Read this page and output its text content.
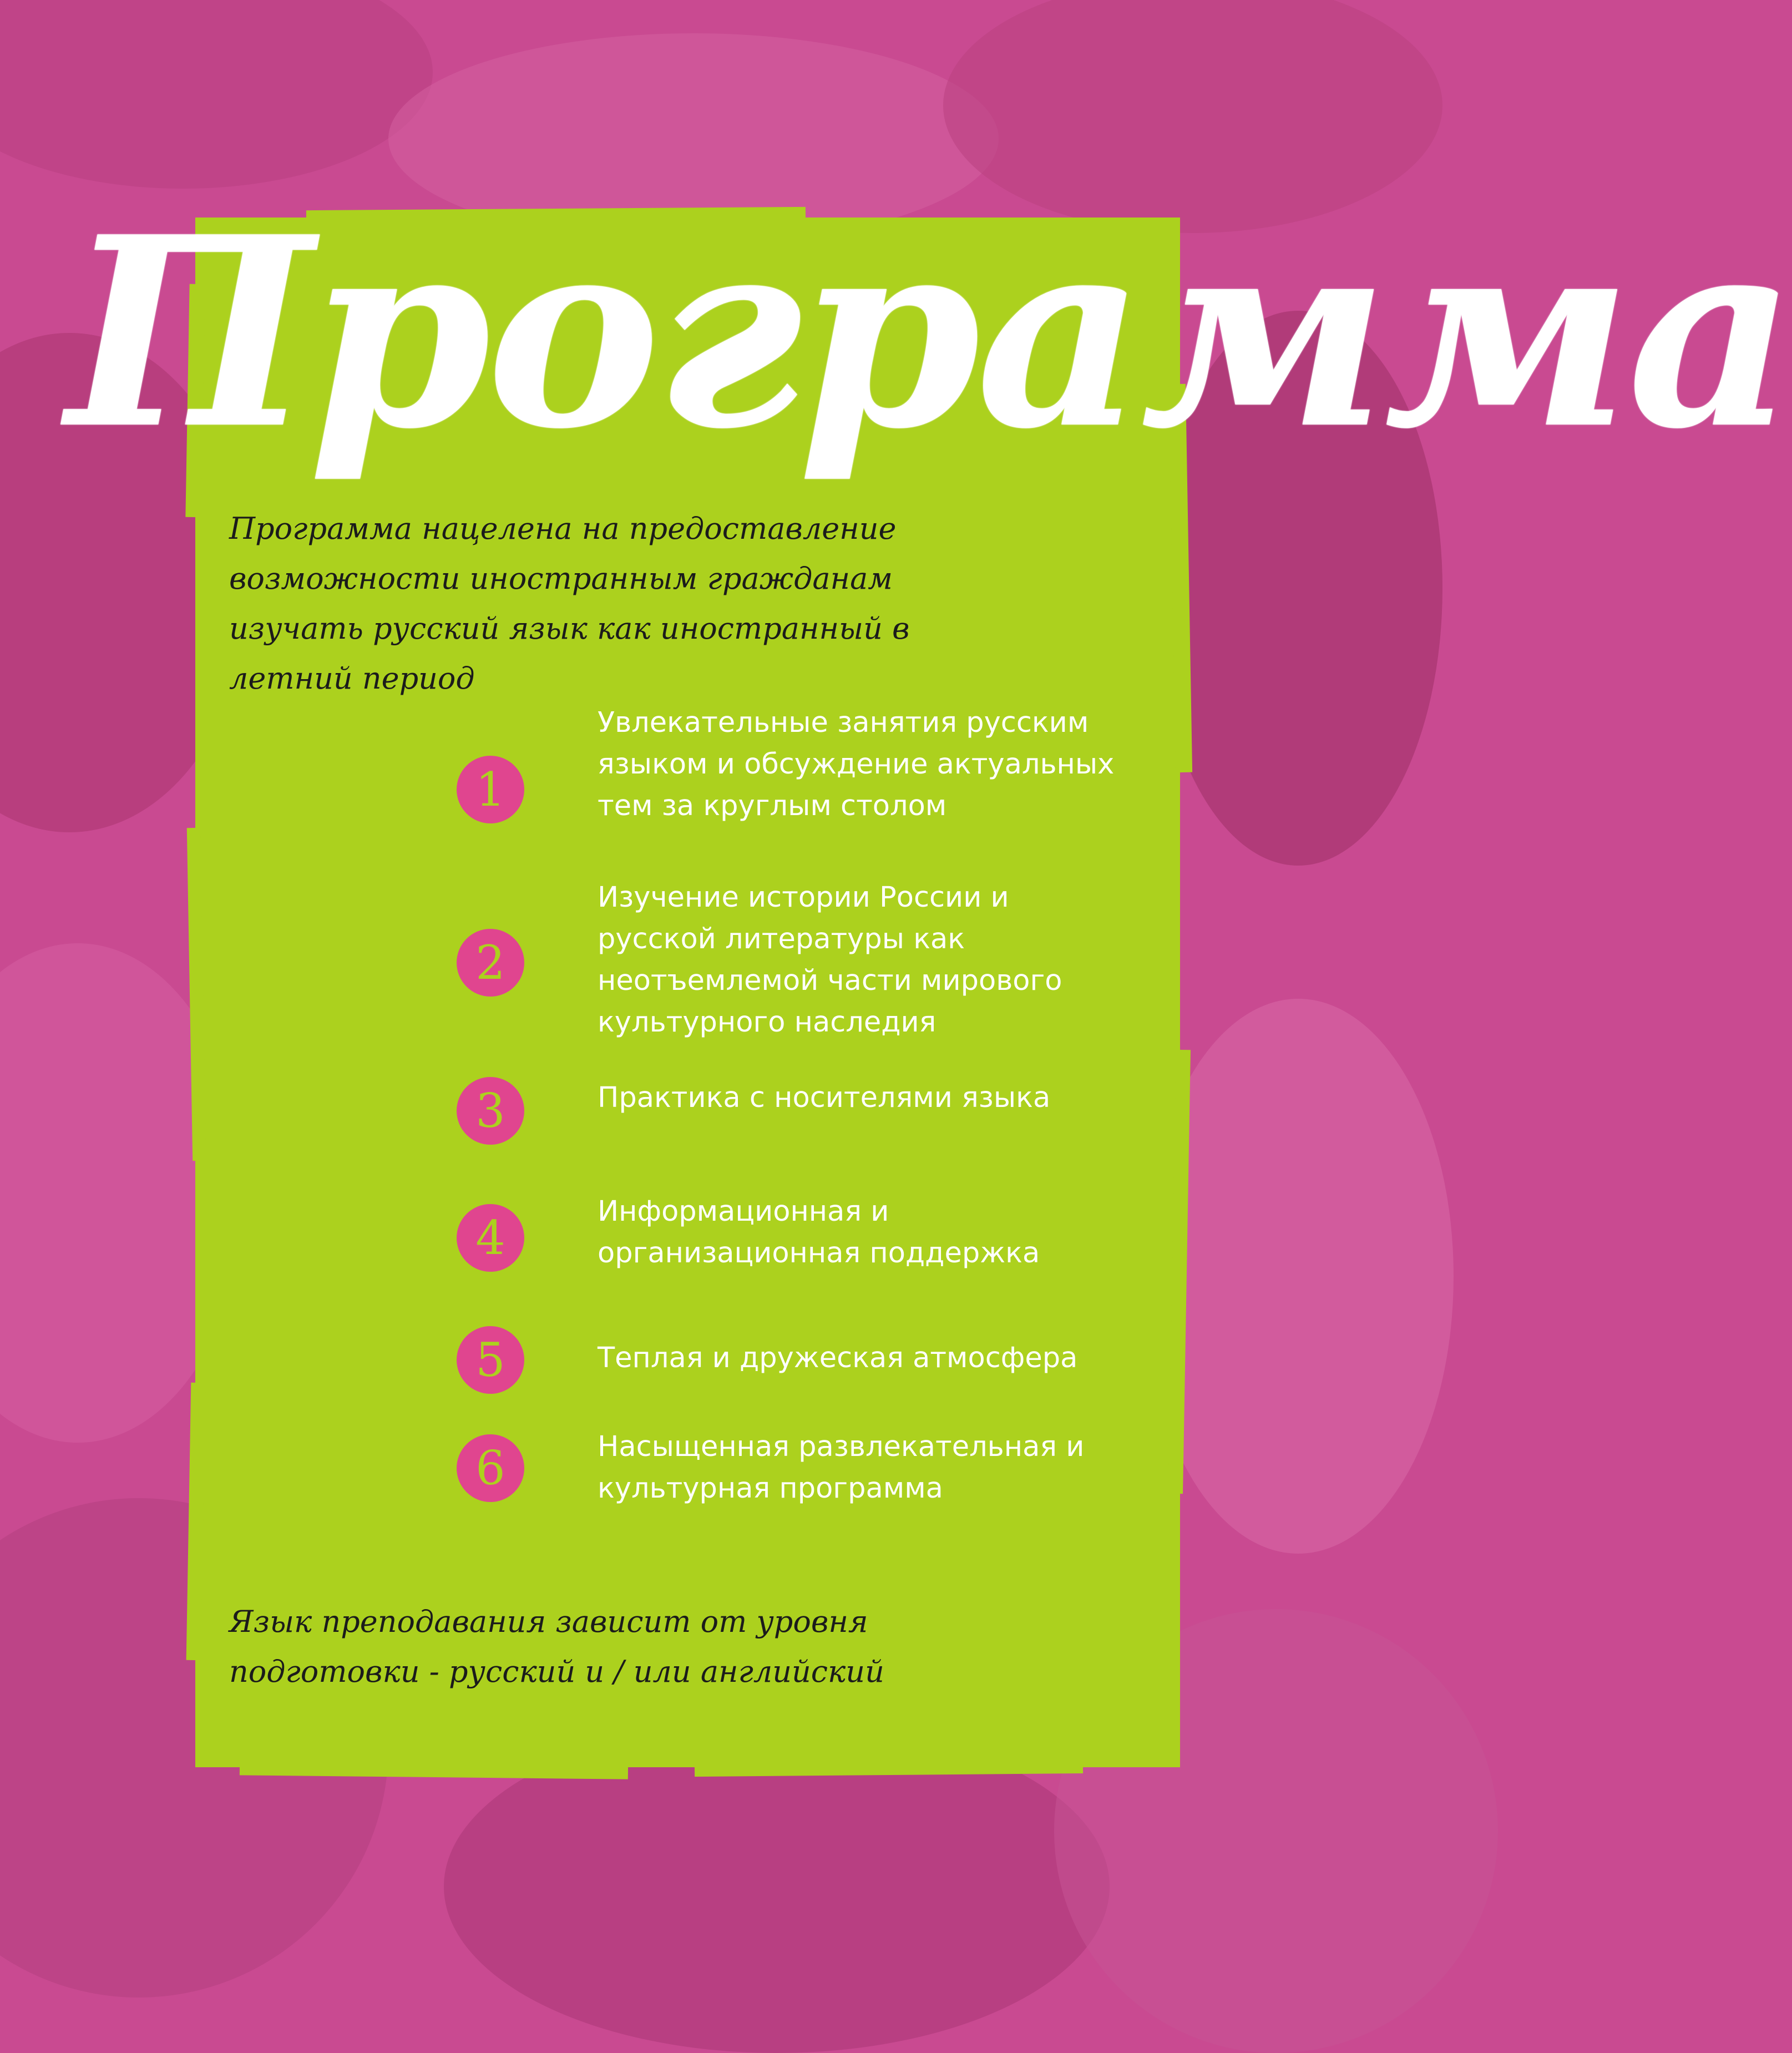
Программа

Программа нацелена на предоставление возможности иностранным гражданам изучать русский язык как иностранный в летний период

1

Увлекательные занятия русским языком и обсуждение актуальных тем за круглым столом

2

Изучение истории России и русской литературы как неотъемлемой части мирового культурного наследия

3	Практика с носителями языка

4	Информационная и организационная поддержка

5	Теплая и дружеская атмосфера

6	Насыщенная развлекательная и культурная программа

Язык преподавания зависит от уровня подготовки - русский и / или английский
